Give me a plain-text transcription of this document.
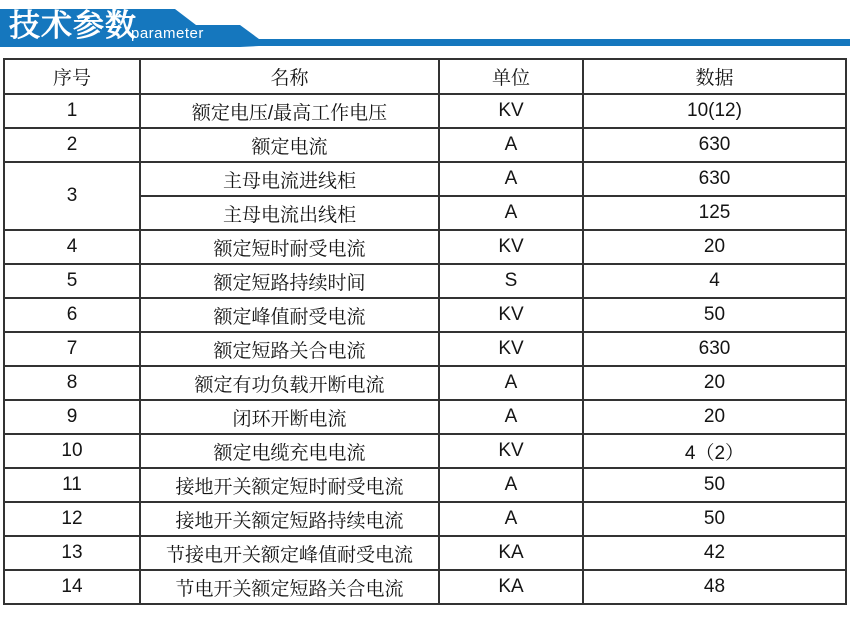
技术参数
parameter
序号	名称	单位	数据
1	额定电压/最高工作电压	KV	10(12)
2	额定电流	A	630
3	主母电流进线柜	A	630
	主母电流出线柜	A	125
4	额定短时耐受电流	KV	20
5	额定短路持续时间	S	4
6	额定峰值耐受电流	KV	50
7	额定短路关合电流	KV	630
8	额定有功负载开断电流	A	20
9	闭环开断电流	A	20
10	额定电缆充电电流	KV	4（2）
11	接地开关额定短时耐受电流	A	50
12	接地开关额定短路持续电流	A	50
13	节接电开关额定峰值耐受电流	KA	42
14	节电开关额定短路关合电流	KA	48
